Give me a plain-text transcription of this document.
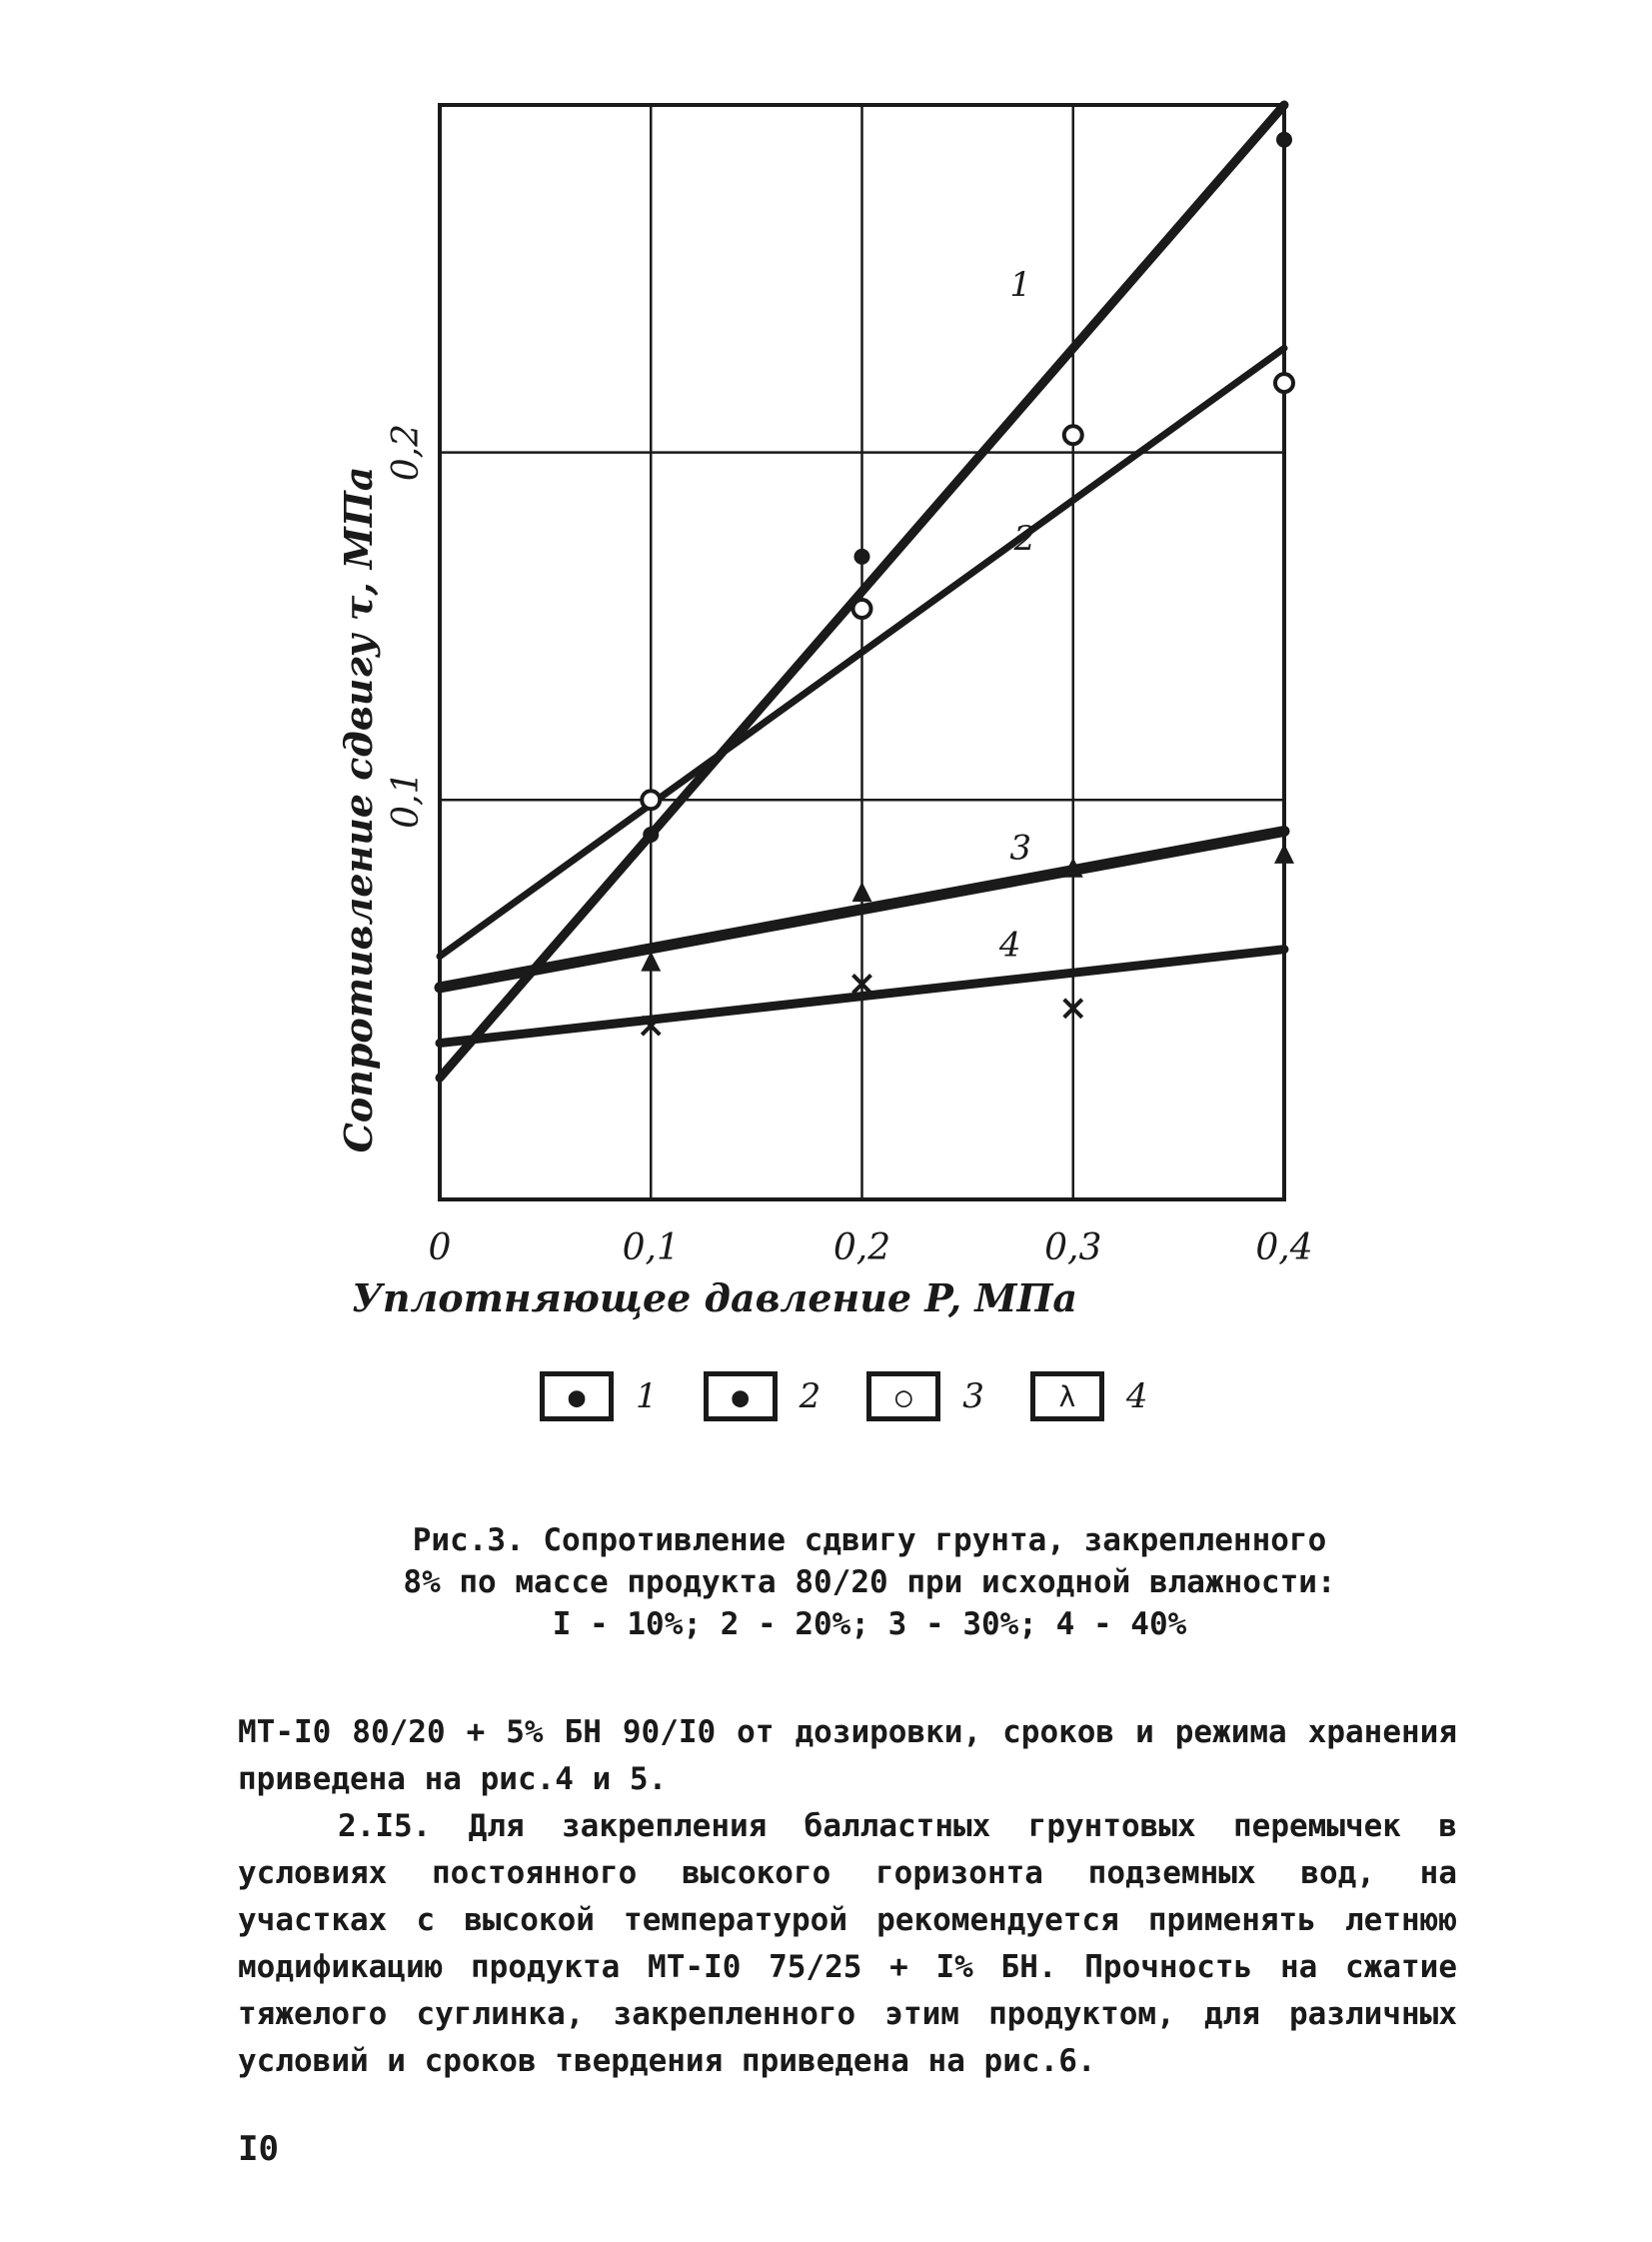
0	0,1	0,2	0,3	0,4
0,1
0,2
1
2
3
4
Уплотняющее давление P, МПа
Сопротивление сдвигу τ, МПа
●	1	●	2	○	3	λ	4

Рис.3. Сопротивление сдвигу грунта, закрепленного

8% по массе продукта 80/20 при исходной влажности:

I - 10%; 2 - 20%; 3 - 30%; 4 - 40%

МТ-I0 80/20 + 5% БН 90/I0 от дозировки, сроков и режима хранения приведена на рис.4 и 5.

2.I5. Для закрепления балластных грунтовых перемычек в условиях постоянного высокого горизонта подземных вод, на участках с высокой температурой рекомендуется применять летнюю модификацию продукта МТ-I0 75/25 + I% БН. Прочность на сжатие тяжелого суглинка, закрепленного этим продуктом, для различных условий и сроков твердения приведена на рис.6.

I0
